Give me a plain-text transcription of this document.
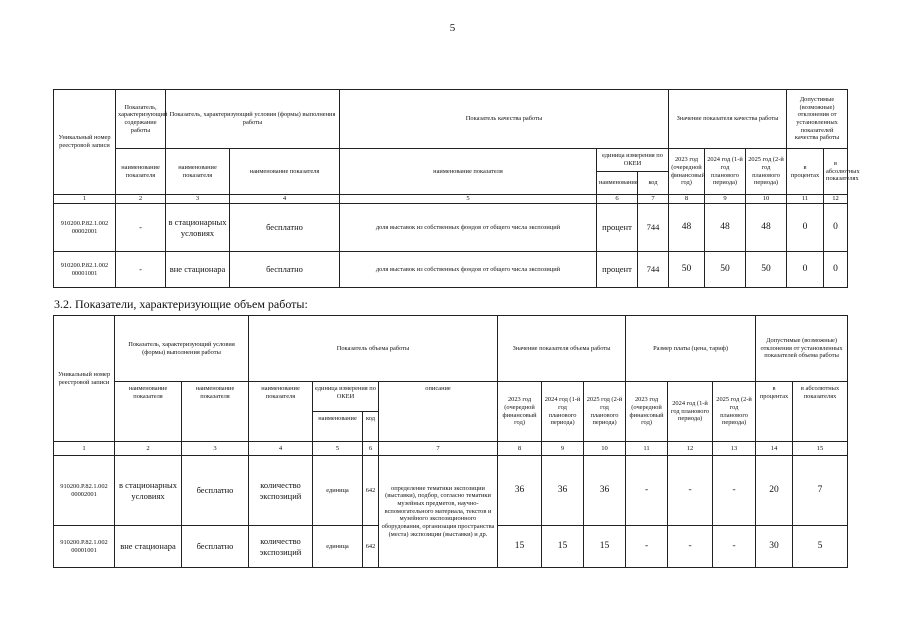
5
Уникальный номер реестровой записи	Показатель, характеризующий содержание работы	Показатель, характеризующий условия (формы) выполнения работы		Показатель качества работы			Значение показателя качества работы			Допустимые (возможные) отклонения от установленных показателей качества работы	
	наименование показателя	наименование показателя	наименование показателя	наименование показателя	единица измерения по ОКЕИ		2023 год (очередной финансовый год)	2024 год (1-й год планового периода)	2025 год (2-й год планового периода)	в процентах	в абсолютных показателях
					наименование	код					
1	2	3	4	5	6	7	8	9	10	11	12
910200.Р.82.1.002 00002001	-	в стационарных условиях	бесплатно	доля выставок из собственных фондов от общего числа экспозиций	процент	744	48	48	48	0	0
910200.Р.82.1.002 00001001	-	вне стационара	бесплатно	доля выставок из собственных фондов от общего числа экспозиций	процент	744	50	50	50	0	0
3.2. Показатели, характеризующие объем работы:
Уникальный номер реестровой записи	Показатель, характеризующий условия (формы) выполнения работы		Показатель объема работы				Значение показателя объема работы			Размер платы (цена, тариф)			Допустимые (возможные) отклонения от установленных показателей объема работы	
	наименование показателя	наименование показателя	наименование показателя	единица измерения по ОКЕИ		описание	2023 год (очередной финансовый год)	2024 год (1-й год планового периода)	2025 год (2-й год планового периода)	2023 год (очередной финансовый год)	2024 год (1-й год планового периода)	2025 год (2-й год планового периода)	в процентах	в абсолютных показателях
				наименование	код									
1	2	3	4	5	6	7	8	9	10	11	12	13	14	15
910200.Р.82.1.002 00002001	в стационарных условиях	бесплатно	количество экспозиций	единица	642	определение тематики экспозиции (выставки), подбор, согласно тематики музейных предметов, научно-вспомогательного материала, текстов и музейного экспозиционного оборудования, организация пространства (места) экспозиции (выставки) и др.	36	36	36	-	-	-	20	7
910200.Р.82.1.002 00001001	вне стационара	бесплатно	количество экспозиций	единица	642		15	15	15	-	-	-	30	5
